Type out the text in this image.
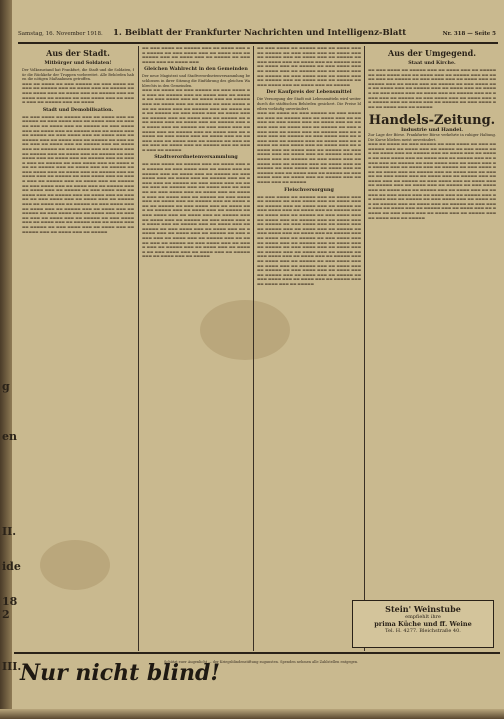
Samstag, 16. November 1918. 1. Beiblatt der Frankfurter Nachrichten und Intelligenz-Blatt	Nr. 318 — Seite 5
g
en
II.
ide
18 2
III.
Aus der Stadt.
Mitbürger und Soldaten!
Der Volkszustand hat Frankfurt, die Stadt und die Soldaten, für die Rückkehr der Truppen vorbereitet. Alle Behörden haben die nötigen Maßnahmen getroffen.
▬▬▬ ▬▬ ▬▬▬▬ ▬▬ ▬▬▬ ▬▬▬▬▬ ▬▬ ▬▬▬ ▬▬▬▬ ▬▬ ▬▬▬ ▬▬ ▬▬▬▬▬ ▬▬▬ ▬▬ ▬▬▬▬ ▬▬▬ ▬▬ ▬▬▬▬▬ ▬▬ ▬▬▬ ▬▬▬▬ ▬▬▬ ▬▬ ▬▬▬▬ ▬▬▬ ▬▬ ▬▬▬▬▬ ▬▬▬ ▬▬ ▬▬▬▬ ▬▬▬ ▬▬ ▬▬▬▬▬ ▬▬ ▬▬▬ ▬▬▬▬ ▬▬▬ ▬▬ ▬▬▬▬ ▬▬▬ ▬▬ ▬▬▬▬▬ ▬▬▬ ▬▬ ▬▬▬▬
Stadt und Demobilisation.
▬▬ ▬▬▬ ▬▬▬▬ ▬▬ ▬▬▬▬▬ ▬▬▬ ▬▬ ▬▬▬▬ ▬▬▬ ▬▬ ▬▬▬▬▬ ▬▬ ▬▬▬ ▬▬▬▬ ▬▬▬ ▬▬ ▬▬▬▬ ▬▬▬ ▬▬ ▬▬▬▬▬ ▬▬▬ ▬▬ ▬▬▬▬ ▬▬▬ ▬▬ ▬▬▬▬▬ ▬▬ ▬▬▬ ▬▬▬▬ ▬▬▬ ▬▬ ▬▬▬▬ ▬▬▬ ▬▬ ▬▬▬▬▬ ▬▬▬ ▬▬ ▬▬▬▬ ▬▬▬ ▬▬ ▬▬▬▬▬ ▬▬ ▬▬▬ ▬▬▬▬ ▬▬▬ ▬▬ ▬▬▬▬ ▬▬▬ ▬▬ ▬▬▬▬▬ ▬▬▬ ▬▬ ▬▬▬▬ ▬▬▬ ▬▬ ▬▬▬▬▬ ▬▬ ▬▬▬ ▬▬▬▬ ▬▬▬ ▬▬ ▬▬▬▬ ▬▬▬ ▬▬ ▬▬▬▬▬ ▬▬▬ ▬▬ ▬▬▬▬ ▬▬▬ ▬▬ ▬▬▬▬▬ ▬▬ ▬▬▬ ▬▬▬▬ ▬▬▬ ▬▬ ▬▬▬▬ ▬▬▬ ▬▬ ▬▬▬▬▬ ▬▬▬ ▬▬ ▬▬▬▬ ▬▬▬ ▬▬ ▬▬▬▬▬ ▬▬ ▬▬▬ ▬▬▬▬ ▬▬▬ ▬▬ ▬▬▬▬ ▬▬▬ ▬▬ ▬▬▬▬▬ ▬▬▬ ▬▬ ▬▬▬▬ ▬▬▬ ▬▬ ▬▬▬▬▬ ▬▬ ▬▬▬ ▬▬▬▬ ▬▬▬ ▬▬ ▬▬▬▬ ▬▬▬ ▬▬ ▬▬▬▬▬ ▬▬▬ ▬▬ ▬▬▬▬ ▬▬▬ ▬▬ ▬▬▬▬▬ ▬▬ ▬▬▬ ▬▬▬▬ ▬▬▬ ▬▬ ▬▬▬▬ ▬▬▬ ▬▬ ▬▬▬▬▬ ▬▬▬ ▬▬ ▬▬▬▬ ▬▬▬ ▬▬ ▬▬▬▬▬ ▬▬ ▬▬▬ ▬▬▬▬ ▬▬▬ ▬▬ ▬▬▬▬ ▬▬▬ ▬▬ ▬▬▬▬▬ ▬▬▬ ▬▬ ▬▬▬▬ ▬▬▬ ▬▬ ▬▬▬▬▬ ▬▬ ▬▬▬ ▬▬▬▬ ▬▬▬ ▬▬ ▬▬▬▬ ▬▬▬ ▬▬ ▬▬▬▬▬ ▬▬▬ ▬▬ ▬▬▬▬ ▬▬▬ ▬▬ ▬▬▬▬▬ ▬▬ ▬▬▬ ▬▬▬▬ ▬▬▬ ▬▬ ▬▬▬▬ ▬▬▬ ▬▬ ▬▬▬▬▬ ▬▬▬ ▬▬ ▬▬▬▬ ▬▬▬ ▬▬ ▬▬▬▬▬ ▬▬ ▬▬▬ ▬▬▬▬ ▬▬▬ ▬▬ ▬▬▬▬ ▬▬▬ ▬▬ ▬▬▬▬▬ ▬▬▬ ▬▬ ▬▬▬▬ ▬▬▬ ▬▬ ▬▬▬▬▬ ▬▬ ▬▬▬ ▬▬▬▬ ▬▬▬ ▬▬ ▬▬▬▬ ▬▬▬ ▬▬ ▬▬▬▬▬ ▬▬▬ ▬▬ ▬▬▬▬ ▬▬▬ ▬▬ ▬▬▬▬▬ ▬▬ ▬▬▬ ▬▬▬▬ ▬▬▬ ▬▬ ▬▬▬▬ ▬▬▬ ▬▬ ▬▬▬▬▬ ▬▬▬ ▬▬ ▬▬▬▬ ▬▬▬ ▬▬ ▬▬▬▬▬ ▬▬ ▬▬▬ ▬▬▬▬ ▬▬▬ ▬▬ ▬▬▬▬ ▬▬▬ ▬▬ ▬▬▬▬▬ ▬▬▬ ▬▬ ▬▬▬▬ ▬▬▬ ▬▬ ▬▬▬▬▬ ▬▬ ▬▬▬ ▬▬▬▬ ▬▬▬ ▬▬ ▬▬▬▬ ▬▬▬ ▬▬ ▬▬▬▬▬ ▬▬▬ ▬▬ ▬▬▬▬ ▬▬▬ ▬▬ ▬▬▬▬▬
▬▬ ▬▬▬ ▬▬▬▬ ▬▬ ▬▬▬▬▬ ▬▬▬ ▬▬ ▬▬▬▬ ▬▬▬ ▬▬ ▬▬▬▬▬ ▬▬ ▬▬▬ ▬▬▬▬ ▬▬▬ ▬▬ ▬▬▬▬ ▬▬▬ ▬▬ ▬▬▬▬▬ ▬▬▬ ▬▬ ▬▬▬▬ ▬▬▬ ▬▬ ▬▬▬▬▬ ▬▬ ▬▬▬ ▬▬▬▬ ▬▬▬ ▬▬ ▬▬▬▬ ▬▬▬
Gleichen Wahlrecht in den Gemeinden
Der neue Magistrat und Stadtverordnetenversammlung beschlossen in ihrer Sitzung die Einführung des gleichen Wahlrechts in den Gemeinden.
▬▬▬ ▬▬ ▬▬▬▬ ▬▬ ▬▬▬ ▬▬▬▬▬ ▬▬ ▬▬▬ ▬▬▬▬ ▬▬ ▬▬▬ ▬▬ ▬▬▬▬▬ ▬▬▬ ▬▬ ▬▬▬▬ ▬▬▬ ▬▬ ▬▬▬▬▬ ▬▬ ▬▬▬ ▬▬▬▬ ▬▬▬ ▬▬ ▬▬▬▬ ▬▬▬ ▬▬ ▬▬▬▬▬ ▬▬▬ ▬▬ ▬▬▬▬ ▬▬▬ ▬▬ ▬▬▬▬▬ ▬▬ ▬▬▬ ▬▬▬▬ ▬▬▬ ▬▬ ▬▬▬▬ ▬▬▬ ▬▬ ▬▬▬▬▬ ▬▬▬ ▬▬ ▬▬▬▬ ▬▬▬ ▬▬ ▬▬▬▬▬ ▬▬ ▬▬▬ ▬▬▬▬ ▬▬▬ ▬▬ ▬▬▬▬ ▬▬▬ ▬▬ ▬▬▬▬▬ ▬▬▬ ▬▬ ▬▬▬▬ ▬▬▬ ▬▬ ▬▬▬▬▬ ▬▬ ▬▬▬ ▬▬▬▬ ▬▬▬ ▬▬ ▬▬▬▬ ▬▬▬ ▬▬ ▬▬▬▬▬ ▬▬▬ ▬▬ ▬▬▬▬ ▬▬▬ ▬▬ ▬▬▬▬▬ ▬▬ ▬▬▬ ▬▬▬▬ ▬▬▬ ▬▬ ▬▬▬▬ ▬▬▬ ▬▬ ▬▬▬▬▬ ▬▬▬ ▬▬ ▬▬▬▬ ▬▬▬ ▬▬ ▬▬▬▬▬ ▬▬ ▬▬▬ ▬▬▬▬ ▬▬▬ ▬▬ ▬▬▬▬ ▬▬▬ ▬▬ ▬▬▬▬▬ ▬▬▬ ▬▬ ▬▬▬▬ ▬▬▬ ▬▬ ▬▬▬▬▬ ▬▬ ▬▬▬ ▬▬▬▬ ▬▬▬ ▬▬ ▬▬▬▬ ▬▬▬ ▬▬ ▬▬▬▬▬ ▬▬▬ ▬▬ ▬▬▬▬ ▬▬▬ ▬▬ ▬▬▬▬▬
Stadtverordnetenversammlung
▬▬ ▬▬▬ ▬▬▬▬ ▬▬ ▬▬▬▬▬ ▬▬▬ ▬▬ ▬▬▬▬ ▬▬▬ ▬▬ ▬▬▬▬▬ ▬▬ ▬▬▬ ▬▬▬▬ ▬▬▬ ▬▬ ▬▬▬▬ ▬▬▬ ▬▬ ▬▬▬▬▬ ▬▬▬ ▬▬ ▬▬▬▬ ▬▬▬ ▬▬ ▬▬▬▬▬ ▬▬ ▬▬▬ ▬▬▬▬ ▬▬▬ ▬▬ ▬▬▬▬ ▬▬▬ ▬▬ ▬▬▬▬▬ ▬▬▬ ▬▬ ▬▬▬▬ ▬▬▬ ▬▬ ▬▬▬▬▬ ▬▬ ▬▬▬ ▬▬▬▬ ▬▬▬ ▬▬ ▬▬▬▬ ▬▬▬ ▬▬ ▬▬▬▬▬ ▬▬▬ ▬▬ ▬▬▬▬ ▬▬▬ ▬▬ ▬▬▬▬▬ ▬▬ ▬▬▬ ▬▬▬▬ ▬▬▬ ▬▬ ▬▬▬▬ ▬▬▬ ▬▬ ▬▬▬▬▬ ▬▬▬ ▬▬ ▬▬▬▬ ▬▬▬ ▬▬ ▬▬▬▬▬ ▬▬ ▬▬▬ ▬▬▬▬ ▬▬▬ ▬▬ ▬▬▬▬ ▬▬▬ ▬▬ ▬▬▬▬▬ ▬▬▬ ▬▬ ▬▬▬▬ ▬▬▬ ▬▬ ▬▬▬▬▬ ▬▬ ▬▬▬ ▬▬▬▬ ▬▬▬ ▬▬ ▬▬▬▬ ▬▬▬ ▬▬ ▬▬▬▬▬ ▬▬▬ ▬▬ ▬▬▬▬ ▬▬▬ ▬▬ ▬▬▬▬▬ ▬▬ ▬▬▬ ▬▬▬▬ ▬▬▬ ▬▬ ▬▬▬▬ ▬▬▬ ▬▬ ▬▬▬▬▬ ▬▬▬ ▬▬ ▬▬▬▬ ▬▬▬ ▬▬ ▬▬▬▬▬ ▬▬ ▬▬▬ ▬▬▬▬ ▬▬▬ ▬▬ ▬▬▬▬ ▬▬▬ ▬▬ ▬▬▬▬▬ ▬▬▬ ▬▬ ▬▬▬▬ ▬▬▬ ▬▬ ▬▬▬▬▬ ▬▬ ▬▬▬ ▬▬▬▬ ▬▬▬ ▬▬ ▬▬▬▬ ▬▬▬ ▬▬ ▬▬▬▬▬ ▬▬▬ ▬▬ ▬▬▬▬ ▬▬▬ ▬▬ ▬▬▬▬▬ ▬▬ ▬▬▬ ▬▬▬▬ ▬▬▬ ▬▬ ▬▬▬▬ ▬▬▬ ▬▬ ▬▬▬▬▬ ▬▬▬ ▬▬ ▬▬▬▬ ▬▬▬ ▬▬ ▬▬▬▬▬ ▬▬ ▬▬▬ ▬▬▬▬ ▬▬▬ ▬▬ ▬▬▬▬ ▬▬▬ ▬▬ ▬▬▬▬▬ ▬▬▬ ▬▬ ▬▬▬▬ ▬▬▬ ▬▬ ▬▬▬▬▬ ▬▬ ▬▬▬ ▬▬▬▬ ▬▬▬ ▬▬ ▬▬▬▬ ▬▬▬ ▬▬ ▬▬▬▬▬ ▬▬▬ ▬▬ ▬▬▬▬ ▬▬▬ ▬▬ ▬▬▬▬▬
▬▬ ▬▬▬ ▬▬▬▬ ▬▬ ▬▬▬▬▬ ▬▬▬ ▬▬ ▬▬▬▬ ▬▬▬ ▬▬ ▬▬▬▬▬ ▬▬ ▬▬▬ ▬▬▬▬ ▬▬▬ ▬▬ ▬▬▬▬ ▬▬▬ ▬▬ ▬▬▬▬▬ ▬▬▬ ▬▬ ▬▬▬▬ ▬▬▬ ▬▬ ▬▬▬▬▬ ▬▬ ▬▬▬ ▬▬▬▬ ▬▬▬ ▬▬ ▬▬▬▬ ▬▬▬ ▬▬ ▬▬▬▬▬ ▬▬▬ ▬▬ ▬▬▬▬ ▬▬▬ ▬▬ ▬▬▬▬▬ ▬▬ ▬▬▬ ▬▬▬▬ ▬▬▬ ▬▬ ▬▬▬▬ ▬▬▬ ▬▬ ▬▬▬▬▬ ▬▬▬ ▬▬ ▬▬▬▬ ▬▬▬ ▬▬ ▬▬▬▬▬ ▬▬ ▬▬▬ ▬▬▬▬ ▬▬▬ ▬▬ ▬▬▬▬ ▬▬▬ ▬▬ ▬▬▬▬▬ ▬▬▬ ▬▬ ▬▬▬▬ ▬▬▬ ▬▬ ▬▬▬▬▬ ▬▬ ▬▬▬ ▬▬▬▬ ▬▬▬ ▬▬ ▬▬▬▬ ▬▬▬ ▬▬ ▬▬▬▬▬
Der Kaufpreis der Lebensmittel
Die Versorgung der Stadt mit Lebensmitteln wird weiter durch die städtischen Behörden gesichert. Die Preise bleiben vorläufig unverändert.
▬▬▬ ▬▬ ▬▬▬▬ ▬▬ ▬▬▬ ▬▬▬▬▬ ▬▬ ▬▬▬ ▬▬▬▬ ▬▬ ▬▬▬ ▬▬ ▬▬▬▬▬ ▬▬▬ ▬▬ ▬▬▬▬ ▬▬▬ ▬▬ ▬▬▬▬▬ ▬▬ ▬▬▬ ▬▬▬▬ ▬▬▬ ▬▬ ▬▬▬▬ ▬▬▬ ▬▬ ▬▬▬▬▬ ▬▬▬ ▬▬ ▬▬▬▬ ▬▬▬ ▬▬ ▬▬▬▬▬ ▬▬ ▬▬▬ ▬▬▬▬ ▬▬▬ ▬▬ ▬▬▬▬ ▬▬▬ ▬▬ ▬▬▬▬▬ ▬▬▬ ▬▬ ▬▬▬▬ ▬▬▬ ▬▬ ▬▬▬▬▬ ▬▬ ▬▬▬ ▬▬▬▬ ▬▬▬ ▬▬ ▬▬▬▬ ▬▬▬ ▬▬ ▬▬▬▬▬ ▬▬▬ ▬▬ ▬▬▬▬ ▬▬▬ ▬▬ ▬▬▬▬▬ ▬▬ ▬▬▬ ▬▬▬▬ ▬▬▬ ▬▬ ▬▬▬▬ ▬▬▬ ▬▬ ▬▬▬▬▬ ▬▬▬ ▬▬ ▬▬▬▬ ▬▬▬ ▬▬ ▬▬▬▬▬ ▬▬ ▬▬▬ ▬▬▬▬ ▬▬▬ ▬▬ ▬▬▬▬ ▬▬▬ ▬▬ ▬▬▬▬▬ ▬▬▬ ▬▬ ▬▬▬▬ ▬▬▬ ▬▬ ▬▬▬▬▬ ▬▬ ▬▬▬ ▬▬▬▬ ▬▬▬ ▬▬ ▬▬▬▬ ▬▬▬ ▬▬ ▬▬▬▬▬ ▬▬▬ ▬▬ ▬▬▬▬ ▬▬▬ ▬▬ ▬▬▬▬▬ ▬▬ ▬▬▬ ▬▬▬▬ ▬▬▬ ▬▬ ▬▬▬▬ ▬▬▬ ▬▬ ▬▬▬▬▬ ▬▬▬ ▬▬ ▬▬▬▬ ▬▬▬ ▬▬ ▬▬▬▬▬ ▬▬ ▬▬▬ ▬▬▬▬ ▬▬▬ ▬▬ ▬▬▬▬ ▬▬▬ ▬▬ ▬▬▬▬▬ ▬▬▬ ▬▬ ▬▬▬▬ ▬▬▬ ▬▬ ▬▬▬▬▬
Fleischversorgung
▬▬ ▬▬▬ ▬▬▬▬ ▬▬ ▬▬▬▬▬ ▬▬▬ ▬▬ ▬▬▬▬ ▬▬▬ ▬▬ ▬▬▬▬▬ ▬▬ ▬▬▬ ▬▬▬▬ ▬▬▬ ▬▬ ▬▬▬▬ ▬▬▬ ▬▬ ▬▬▬▬▬ ▬▬▬ ▬▬ ▬▬▬▬ ▬▬▬ ▬▬ ▬▬▬▬▬ ▬▬ ▬▬▬ ▬▬▬▬ ▬▬▬ ▬▬ ▬▬▬▬ ▬▬▬ ▬▬ ▬▬▬▬▬ ▬▬▬ ▬▬ ▬▬▬▬ ▬▬▬ ▬▬ ▬▬▬▬▬ ▬▬ ▬▬▬ ▬▬▬▬ ▬▬▬ ▬▬ ▬▬▬▬ ▬▬▬ ▬▬ ▬▬▬▬▬ ▬▬▬ ▬▬ ▬▬▬▬ ▬▬▬ ▬▬ ▬▬▬▬▬ ▬▬ ▬▬▬ ▬▬▬▬ ▬▬▬ ▬▬ ▬▬▬▬ ▬▬▬ ▬▬ ▬▬▬▬▬ ▬▬▬ ▬▬ ▬▬▬▬ ▬▬▬ ▬▬ ▬▬▬▬▬ ▬▬ ▬▬▬ ▬▬▬▬ ▬▬▬ ▬▬ ▬▬▬▬ ▬▬▬ ▬▬ ▬▬▬▬▬ ▬▬▬ ▬▬ ▬▬▬▬ ▬▬▬ ▬▬ ▬▬▬▬▬ ▬▬ ▬▬▬ ▬▬▬▬ ▬▬▬ ▬▬ ▬▬▬▬ ▬▬▬ ▬▬ ▬▬▬▬▬ ▬▬▬ ▬▬ ▬▬▬▬ ▬▬▬ ▬▬ ▬▬▬▬▬ ▬▬ ▬▬▬ ▬▬▬▬ ▬▬▬ ▬▬ ▬▬▬▬ ▬▬▬ ▬▬ ▬▬▬▬▬ ▬▬▬ ▬▬ ▬▬▬▬ ▬▬▬ ▬▬ ▬▬▬▬▬ ▬▬ ▬▬▬ ▬▬▬▬ ▬▬▬ ▬▬ ▬▬▬▬ ▬▬▬ ▬▬ ▬▬▬▬▬ ▬▬▬ ▬▬ ▬▬▬▬ ▬▬▬ ▬▬ ▬▬▬▬▬ ▬▬ ▬▬▬ ▬▬▬▬ ▬▬▬ ▬▬ ▬▬▬▬ ▬▬▬ ▬▬ ▬▬▬▬▬ ▬▬▬ ▬▬ ▬▬▬▬ ▬▬▬ ▬▬ ▬▬▬▬▬ ▬▬ ▬▬▬ ▬▬▬▬ ▬▬▬ ▬▬ ▬▬▬▬ ▬▬▬ ▬▬ ▬▬▬▬▬ ▬▬▬ ▬▬ ▬▬▬▬ ▬▬▬ ▬▬ ▬▬▬▬▬ ▬▬ ▬▬▬ ▬▬▬▬ ▬▬▬ ▬▬ ▬▬▬▬ ▬▬▬ ▬▬ ▬▬▬▬▬ ▬▬▬ ▬▬ ▬▬▬▬ ▬▬▬ ▬▬ ▬▬▬▬▬
Aus der Umgegend.
Staat und Kirche.
▬▬ ▬▬▬ ▬▬▬▬ ▬▬ ▬▬▬▬▬ ▬▬▬ ▬▬ ▬▬▬▬ ▬▬▬ ▬▬ ▬▬▬▬▬ ▬▬ ▬▬▬ ▬▬▬▬ ▬▬▬ ▬▬ ▬▬▬▬ ▬▬▬ ▬▬ ▬▬▬▬▬ ▬▬▬ ▬▬ ▬▬▬▬ ▬▬▬ ▬▬ ▬▬▬▬▬ ▬▬ ▬▬▬ ▬▬▬▬ ▬▬▬ ▬▬ ▬▬▬▬ ▬▬▬ ▬▬ ▬▬▬▬▬ ▬▬▬ ▬▬ ▬▬▬▬ ▬▬▬ ▬▬ ▬▬▬▬▬ ▬▬ ▬▬▬ ▬▬▬▬ ▬▬▬ ▬▬ ▬▬▬▬ ▬▬▬ ▬▬ ▬▬▬▬▬ ▬▬▬ ▬▬ ▬▬▬▬ ▬▬▬ ▬▬ ▬▬▬▬▬ ▬▬ ▬▬▬ ▬▬▬▬ ▬▬▬ ▬▬ ▬▬▬▬ ▬▬▬ ▬▬ ▬▬▬▬▬ ▬▬▬ ▬▬ ▬▬▬▬ ▬▬▬ ▬▬ ▬▬▬▬▬ ▬▬ ▬▬▬ ▬▬▬▬ ▬▬▬ ▬▬ ▬▬▬▬ ▬▬▬ ▬▬ ▬▬▬▬▬ ▬▬▬ ▬▬ ▬▬▬▬ ▬▬▬ ▬▬ ▬▬▬▬▬ ▬▬ ▬▬▬ ▬▬▬▬ ▬▬▬ ▬▬ ▬▬▬▬ ▬▬▬ ▬▬ ▬▬▬▬▬
Handels-Zeitung.
Industrie und Handel.
Zur Lage der Börse. Frankfurter Börse verkehrte in ruhiger Haltung. Die Kurse blieben meist unverändert.
▬▬▬ ▬▬ ▬▬▬▬ ▬▬ ▬▬▬ ▬▬▬▬▬ ▬▬ ▬▬▬ ▬▬▬▬ ▬▬ ▬▬▬ ▬▬ ▬▬▬▬▬ ▬▬▬ ▬▬ ▬▬▬▬ ▬▬▬ ▬▬ ▬▬▬▬▬ ▬▬ ▬▬▬ ▬▬▬▬ ▬▬▬ ▬▬ ▬▬▬▬ ▬▬▬ ▬▬ ▬▬▬▬▬ ▬▬▬ ▬▬ ▬▬▬▬ ▬▬▬ ▬▬ ▬▬▬▬▬ ▬▬ ▬▬▬ ▬▬▬▬ ▬▬▬ ▬▬ ▬▬▬▬ ▬▬▬ ▬▬ ▬▬▬▬▬ ▬▬▬ ▬▬ ▬▬▬▬ ▬▬▬ ▬▬ ▬▬▬▬▬ ▬▬ ▬▬▬ ▬▬▬▬ ▬▬▬ ▬▬ ▬▬▬▬ ▬▬▬ ▬▬ ▬▬▬▬▬ ▬▬▬ ▬▬ ▬▬▬▬ ▬▬▬ ▬▬ ▬▬▬▬▬ ▬▬ ▬▬▬ ▬▬▬▬ ▬▬▬ ▬▬ ▬▬▬▬ ▬▬▬ ▬▬ ▬▬▬▬▬ ▬▬▬ ▬▬ ▬▬▬▬ ▬▬▬ ▬▬ ▬▬▬▬▬ ▬▬ ▬▬▬ ▬▬▬▬ ▬▬▬ ▬▬ ▬▬▬▬ ▬▬▬ ▬▬ ▬▬▬▬▬ ▬▬▬ ▬▬ ▬▬▬▬ ▬▬▬ ▬▬ ▬▬▬▬▬ ▬▬ ▬▬▬ ▬▬▬▬ ▬▬▬ ▬▬ ▬▬▬▬ ▬▬▬ ▬▬ ▬▬▬▬▬ ▬▬▬ ▬▬ ▬▬▬▬ ▬▬▬ ▬▬ ▬▬▬▬▬ ▬▬ ▬▬▬ ▬▬▬▬ ▬▬▬ ▬▬ ▬▬▬▬ ▬▬▬ ▬▬ ▬▬▬▬▬ ▬▬▬ ▬▬ ▬▬▬▬ ▬▬▬ ▬▬ ▬▬▬▬▬ ▬▬ ▬▬▬ ▬▬▬▬ ▬▬▬ ▬▬ ▬▬▬▬ ▬▬▬ ▬▬ ▬▬▬▬▬ ▬▬▬ ▬▬ ▬▬▬▬ ▬▬▬ ▬▬ ▬▬▬▬▬ ▬▬ ▬▬▬ ▬▬▬▬ ▬▬▬ ▬▬ ▬▬▬▬ ▬▬▬ ▬▬ ▬▬▬▬▬ ▬▬▬ ▬▬ ▬▬▬▬ ▬▬▬ ▬▬ ▬▬▬▬▬ ▬▬ ▬▬▬ ▬▬▬▬ ▬▬▬ ▬▬ ▬▬▬▬ ▬▬▬ ▬▬ ▬▬▬▬▬ ▬▬▬ ▬▬ ▬▬▬▬ ▬▬▬ ▬▬ ▬▬▬▬▬ ▬▬ ▬▬▬ ▬▬▬▬ ▬▬▬ ▬▬ ▬▬▬▬ ▬▬▬ ▬▬ ▬▬▬▬▬ ▬▬▬ ▬▬ ▬▬▬▬ ▬▬▬ ▬▬ ▬▬▬▬▬
Stein' Weinstube
empfiehlt ihre
prima Küche und ff. Weine
Tel. H. 4277. Bleichstraße 40.
Nur nicht blind!
Schützt euer Augenlicht — der Kriegsblindenstiftung zugunsten. Spenden nehmen alle Zahlstellen entgegen.
